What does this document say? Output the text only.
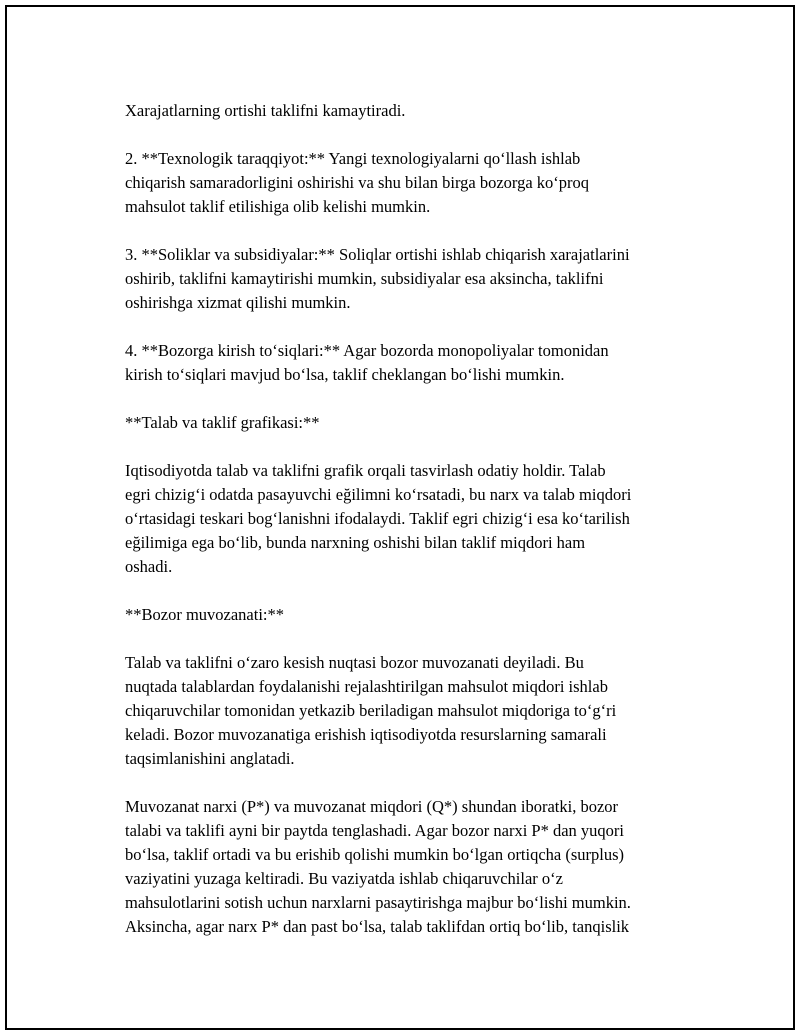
Xarajatlarning ortishi taklifni kamaytiradi.

2. **Texnologik taraqqiyot:** Yangi texnologiyalarni qo‘llash ishlab
chiqarish samaradorligini oshirishi va shu bilan birga bozorga ko‘proq
mahsulot taklif etilishiga olib kelishi mumkin.

3. **Soliklar va subsidiyalar:** Soliqlar ortishi ishlab chiqarish xarajatlarini
oshirib, taklifni kamaytirishi mumkin, subsidiyalar esa aksincha, taklifni
oshirishga xizmat qilishi mumkin.

4. **Bozorga kirish to‘siqlari:** Agar bozorda monopoliyalar tomonidan
kirish to‘siqlari mavjud bo‘lsa, taklif cheklangan bo‘lishi mumkin.

**Talab va taklif grafikasi:**

Iqtisodiyotda talab va taklifni grafik orqali tasvirlash odatiy holdir. Talab
egri chizig‘i odatda pasayuvchi eğilimni ko‘rsatadi, bu narx va talab miqdori
o‘rtasidagi teskari bog‘lanishni ifodalaydi. Taklif egri chizig‘i esa ko‘tarilish
eğilimiga ega bo‘lib, bunda narxning oshishi bilan taklif miqdori ham
oshadi.

**Bozor muvozanati:**

Talab va taklifni o‘zaro kesish nuqtasi bozor muvozanati deyiladi. Bu
nuqtada talablardan foydalanishi rejalashtirilgan mahsulot miqdori ishlab
chiqaruvchilar tomonidan yetkazib beriladigan mahsulot miqdoriga to‘g‘ri
keladi. Bozor muvozanatiga erishish iqtisodiyotda resurslarning samarali
taqsimlanishini anglatadi.

Muvozanat narxi (P*) va muvozanat miqdori (Q*) shundan iboratki, bozor
talabi va taklifi ayni bir paytda tenglashadi. Agar bozor narxi P* dan yuqori
bo‘lsa, taklif ortadi va bu erishib qolishi mumkin bo‘lgan ortiqcha (surplus)
vaziyatini yuzaga keltiradi. Bu vaziyatda ishlab chiqaruvchilar o‘z
mahsulotlarini sotish uchun narxlarni pasaytirishga majbur bo‘lishi mumkin.
Aksincha, agar narx P* dan past bo‘lsa, talab taklifdan ortiq bo‘lib, tanqislik
